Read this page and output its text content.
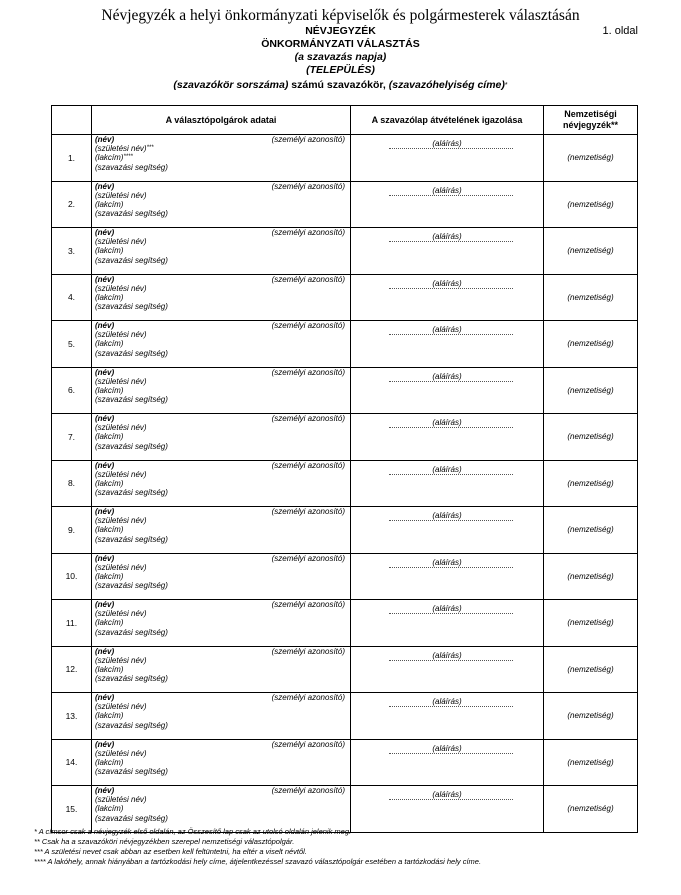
Névjegyzék a helyi önkormányzati képviselők és polgármesterek választásán
1. oldal
NÉVJEGYZÉK
ÖNKORMÁNYZATI VÁLASZTÁS
(a szavazás napja)
(TELEPÜLÉS)
(szavazókör sorszáma) számú szavazókör, (szavazóhelyiség címe)*
	A választópolgárok adatai	A szavazólap átvételének igazolása	Nemzetiségi
névjegyzék**
1.	(név) (személyi azonosító)
(születési név)***
(lakcím)****
(szavazási segítség)	(aláírás)	(nemzetiség)
2.	(név) (személyi azonosító)
(születési név)
(lakcím)
(szavazási segítség)	(aláírás)	(nemzetiség)
3.	(név) (személyi azonosító)
(születési név)
(lakcím)
(szavazási segítség)	(aláírás)	(nemzetiség)
4.	(név) (személyi azonosító)
(születési név)
(lakcím)
(szavazási segítség)	(aláírás)	(nemzetiség)
5.	(név) (személyi azonosító)
(születési név)
(lakcím)
(szavazási segítség)	(aláírás)	(nemzetiség)
6.	(név) (személyi azonosító)
(születési név)
(lakcím)
(szavazási segítség)	(aláírás)	(nemzetiség)
7.	(név) (személyi azonosító)
(születési név)
(lakcím)
(szavazási segítség)	(aláírás)	(nemzetiség)
8.	(név) (személyi azonosító)
(születési név)
(lakcím)
(szavazási segítség)	(aláírás)	(nemzetiség)
9.	(név) (személyi azonosító)
(születési név)
(lakcím)
(szavazási segítség)	(aláírás)	(nemzetiség)
10.	(név) (személyi azonosító)
(születési név)
(lakcím)
(szavazási segítség)	(aláírás)	(nemzetiség)
11.	(név) (személyi azonosító)
(születési név)
(lakcím)
(szavazási segítség)	(aláírás)	(nemzetiség)
12.	(név) (személyi azonosító)
(születési név)
(lakcím)
(szavazási segítség)	(aláírás)	(nemzetiség)
13.	(név) (személyi azonosító)
(születési név)
(lakcím)
(szavazási segítség)	(aláírás)	(nemzetiség)
14.	(név) (személyi azonosító)
(születési név)
(lakcím)
(szavazási segítség)	(aláírás)	(nemzetiség)
15.	(név) (személyi azonosító)
(születési név)
(lakcím)
(szavazási segítség)	(aláírás)	(nemzetiség)
* A címsor csak a névjegyzék első oldalán, az Összesítő lap csak az utolsó oldalán jelenik meg.
** Csak ha a szavazóköri névjegyzékben szerepel nemzetiségi választópolgár.
*** A születési nevet csak abban az esetben kell feltüntetni, ha eltér a viselt névtől.
**** A lakóhely, annak hiányában a tartózkodási hely címe, átjelentkezéssel szavazó választópolgár esetében a tartózkodási hely címe.
